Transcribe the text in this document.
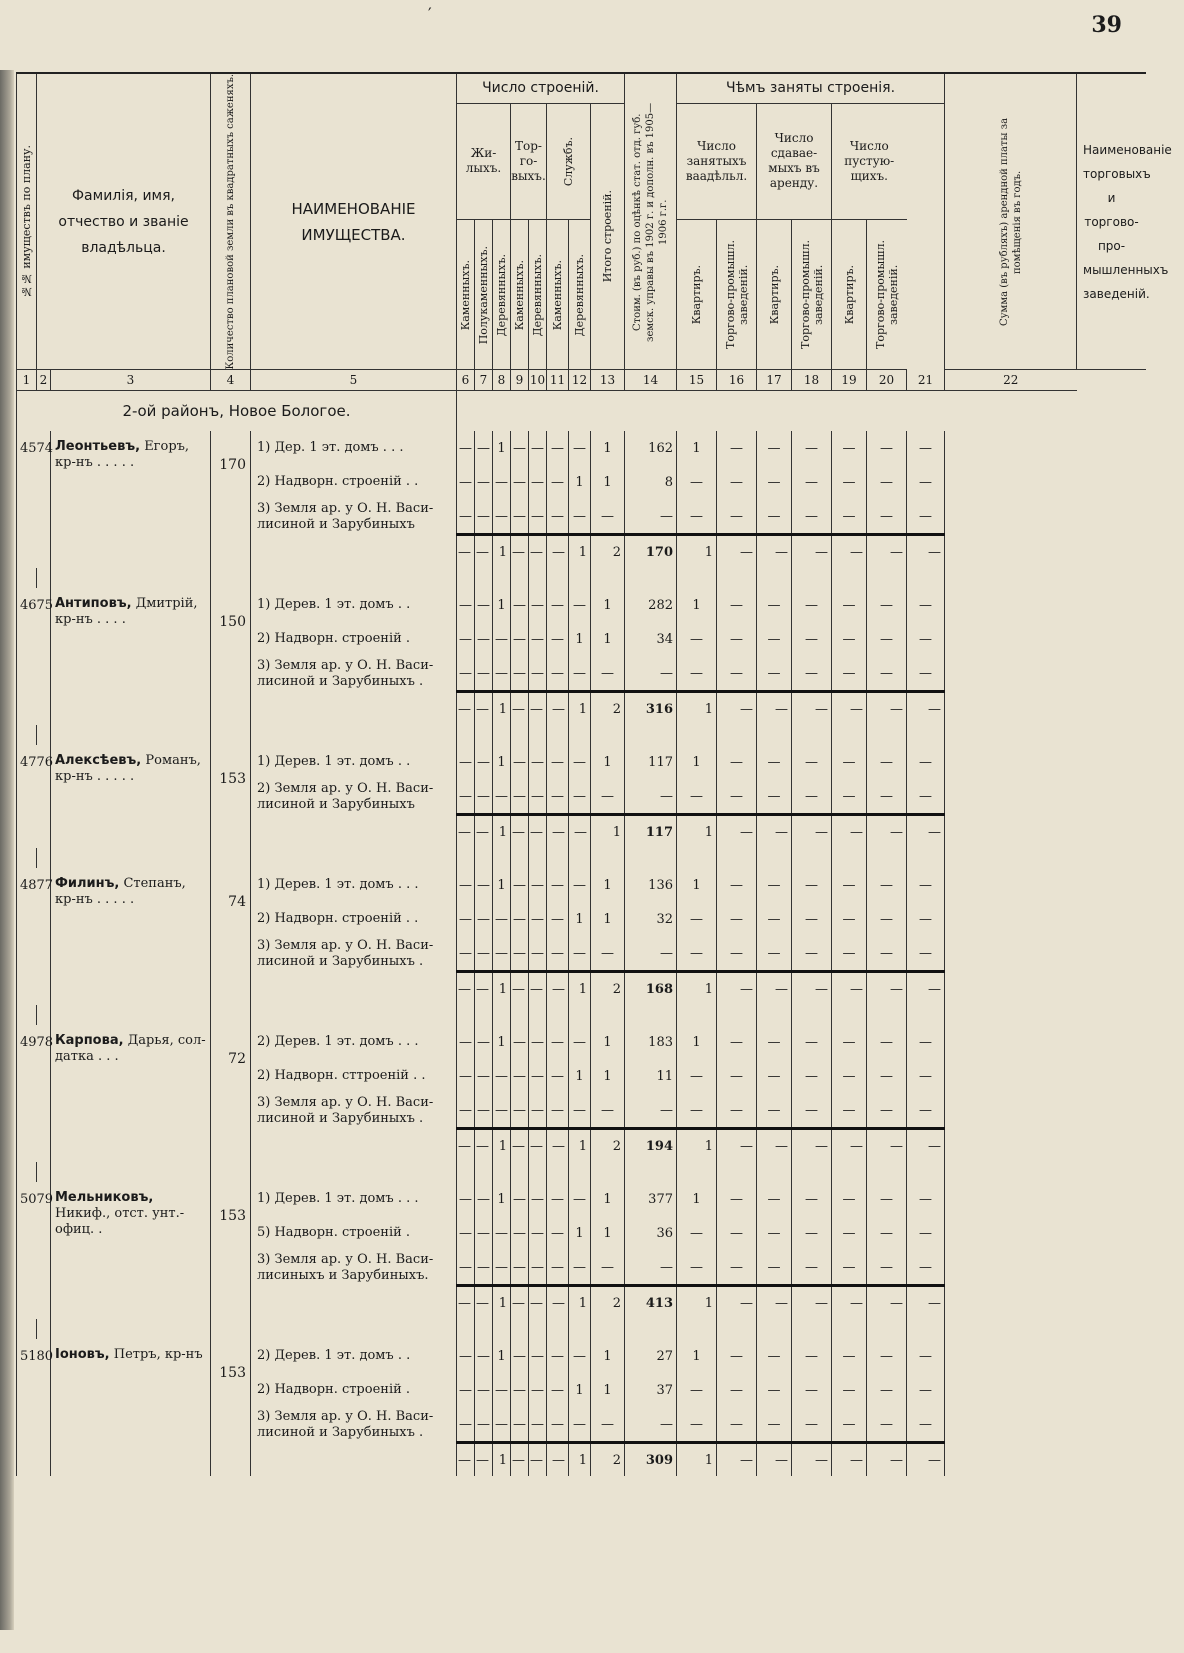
′	39
№№ имуществъ по плану.	Фамилія, имя, отчество и званіе владѣльца.		Количество плановой земли въ квадратныхъ саженяхъ.	НАИМЕНОВАНІЕ ИМУЩЕСТВА.	Число строеній.								Стоим. (въ руб.) по оцѣнкѣ стат. отд. губ. земск. управы въ 1902 г. и дополн. въ 1905—1906 г.г.	Чѣмъ заняты строенія.							Сумма (въ рубляхъ) арендной платы за помѣщенія въ годъ.	Наименованіе торговыхъ и торгово-про-мышленныхъ заведеній.

					Жи-лыхъ.			Тор-го-выхъ.		Службъ.		Итого строеній.		Число занятыхъ ваадѣльл.		Число сдавае-мыхъ въ аренду.		Число пустую-щихъ.				

					Каменныхъ.	Полукаменныхъ.	Деревянныхъ.	Каменныхъ.	Деревянныхъ.	Каменныхъ.	Деревянныхъ.			Квартиръ.	Торгово-промышл. заведеній.	Квартиръ.	Торгово-промышл. заведеній.	Квартиръ.	Торгово-промышл. заведеній.			

1	2	3	4	5	6	7	8	9	10	11	12	13	14	15	16	17	18	19	20	21	22	
2-ой районъ, Новое Бологое.																						
45	74	Леонтьевъ, Егоръ, кр-нъ . . . . .	170	1) Дер. 1 эт. домъ . . .	—	—	1	—	—	—	—	1	162	1	—	—	—	—	—	—		
				2) Надворн. строеній . .	—	—	—	—	—	—	1	1	8	—	—	—	—	—	—	—		
				3) Земля ар. у О. Н. Васи-лисиной и Зарубиныхъ	—	—	—	—	—	—	—	—	—	—	—	—	—	—	—	—		
					—	—	1	—	—	—	1	2	170	1	—	—	—	—	—	—		

46	75	Антиповъ, Дмитрій, кр-нъ . . . .	150	1) Дерев. 1 эт. домъ . .	—	—	1	—	—	—	—	1	282	1	—	—	—	—	—	—		
				2) Надворн. строеній .	—	—	—	—	—	—	1	1	34	—	—	—	—	—	—	—		
				3) Земля ар. у О. Н. Васи-лисиной и Зарубиныхъ .	—	—	—	—	—	—	—	—	—	—	—	—	—	—	—	—		
					—	—	1	—	—	—	1	2	316	1	—	—	—	—	—	—		

47	76	Алексѣевъ, Романъ, кр-нъ . . . . .	153	1) Дерев. 1 эт. домъ . .	—	—	1	—	—	—	—	1	117	1	—	—	—	—	—	—		
				2) Земля ар. у О. Н. Васи-лисиной и Зарубиныхъ	—	—	—	—	—	—	—	—	—	—	—	—	—	—	—	—		
					—	—	1	—	—	—	—	1	117	1	—	—	—	—	—	—		

48	77	Филинъ, Степанъ, кр-нъ . . . . .	74	1) Дерев. 1 эт. домъ . . .	—	—	1	—	—	—	—	1	136	1	—	—	—	—	—	—		
				2) Надворн. строеній . .	—	—	—	—	—	—	1	1	32	—	—	—	—	—	—	—		
				3) Земля ар. у О. Н. Васи-лисиной и Зарубиныхъ .	—	—	—	—	—	—	—	—	—	—	—	—	—	—	—	—		
					—	—	1	—	—	—	1	2	168	1	—	—	—	—	—	—		

49	78	Карпова, Дарья, сол-датка . . .	72	2) Дерев. 1 эт. домъ . . .	—	—	1	—	—	—	—	1	183	1	—	—	—	—	—	—		
				2) Надворн. сттроеній . .	—	—	—	—	—	—	1	1	11	—	—	—	—	—	—	—		
				3) Земля ар. у О. Н. Васи-лисиной и Зарубиныхъ .	—	—	—	—	—	—	—	—	—	—	—	—	—	—	—	—		
					—	—	1	—	—	—	1	2	194	1	—	—	—	—	—	—		

50	79	Мельниковъ, Никиф., отст. унт.-офиц. .	153	1) Дерев. 1 эт. домъ . . .	—	—	1	—	—	—	—	1	377	1	—	—	—	—	—	—		
				5) Надворн. строеній .	—	—	—	—	—	—	1	1	36	—	—	—	—	—	—	—		
				3) Земля ар. у О. Н. Васи-лисиныхъ и Зарубиныхъ.	—	—	—	—	—	—	—	—	—	—	—	—	—	—	—	—		
					—	—	1	—	—	—	1	2	413	1	—	—	—	—	—	—		

51	80	Іоновъ, Петръ, кр-нъ	153	2) Дерев. 1 эт. домъ . .	—	—	1	—	—	—	—	1	27	1	—	—	—	—	—	—		
				2) Надворн. строеній .	—	—	—	—	—	—	1	1	37	—	—	—	—	—	—	—		
				3) Земля ар. у О. Н. Васи-лисиной и Зарубиныхъ .	—	—	—	—	—	—	—	—	—	—	—	—	—	—	—	—		
					—	—	1	—	—	—	1	2	309	1	—	—	—	—	—	—		
